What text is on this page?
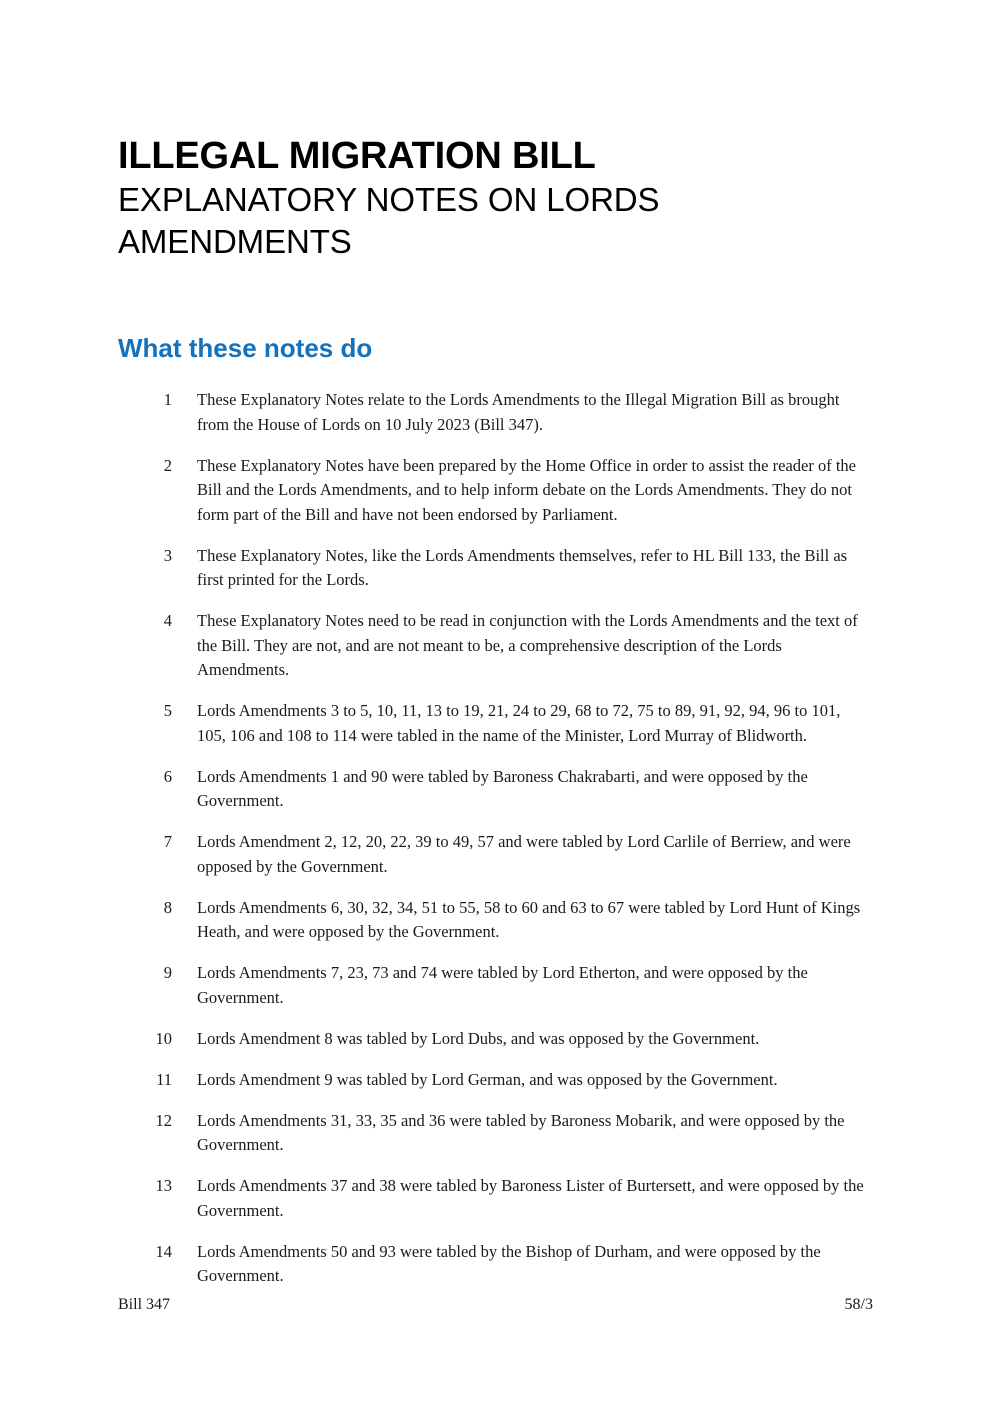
ILLEGAL MIGRATION BILL
EXPLANATORY NOTES ON LORDS AMENDMENTS
What these notes do
1	These Explanatory Notes relate to the Lords Amendments to the Illegal Migration Bill as brought from the House of Lords on 10 July 2023 (Bill 347).
2	These Explanatory Notes have been prepared by the Home Office in order to assist the reader of the Bill and the Lords Amendments, and to help inform debate on the Lords Amendments. They do not form part of the Bill and have not been endorsed by Parliament.
3	These Explanatory Notes, like the Lords Amendments themselves, refer to HL Bill 133, the Bill as first printed for the Lords.
4	These Explanatory Notes need to be read in conjunction with the Lords Amendments and the text of the Bill. They are not, and are not meant to be, a comprehensive description of the Lords Amendments.
5	Lords Amendments 3 to 5, 10, 11, 13 to 19, 21, 24 to 29, 68 to 72, 75 to 89, 91, 92, 94, 96 to 101, 105, 106 and 108 to 114 were tabled in the name of the Minister, Lord Murray of Blidworth.
6	Lords Amendments 1 and 90 were tabled by Baroness Chakrabarti, and were opposed by the Government.
7	Lords Amendment 2, 12, 20, 22, 39 to 49, 57 and were tabled by Lord Carlile of Berriew, and were opposed by the Government.
8	Lords Amendments 6, 30, 32, 34, 51 to 55, 58 to 60 and 63 to 67 were tabled by Lord Hunt of Kings Heath, and were opposed by the Government.
9	Lords Amendments 7, 23, 73 and 74 were tabled by Lord Etherton, and were opposed by the Government.
10	Lords Amendment 8 was tabled by Lord Dubs, and was opposed by the Government.
11	Lords Amendment 9 was tabled by Lord German, and was opposed by the Government.
12	Lords Amendments 31, 33, 35 and 36 were tabled by Baroness Mobarik, and were opposed by the Government.
13	Lords Amendments 37 and 38 were tabled by Baroness Lister of Burtersett, and were opposed by the Government.
14	Lords Amendments 50 and 93 were tabled by the Bishop of Durham, and were opposed by the Government.
Bill 347	58/3
